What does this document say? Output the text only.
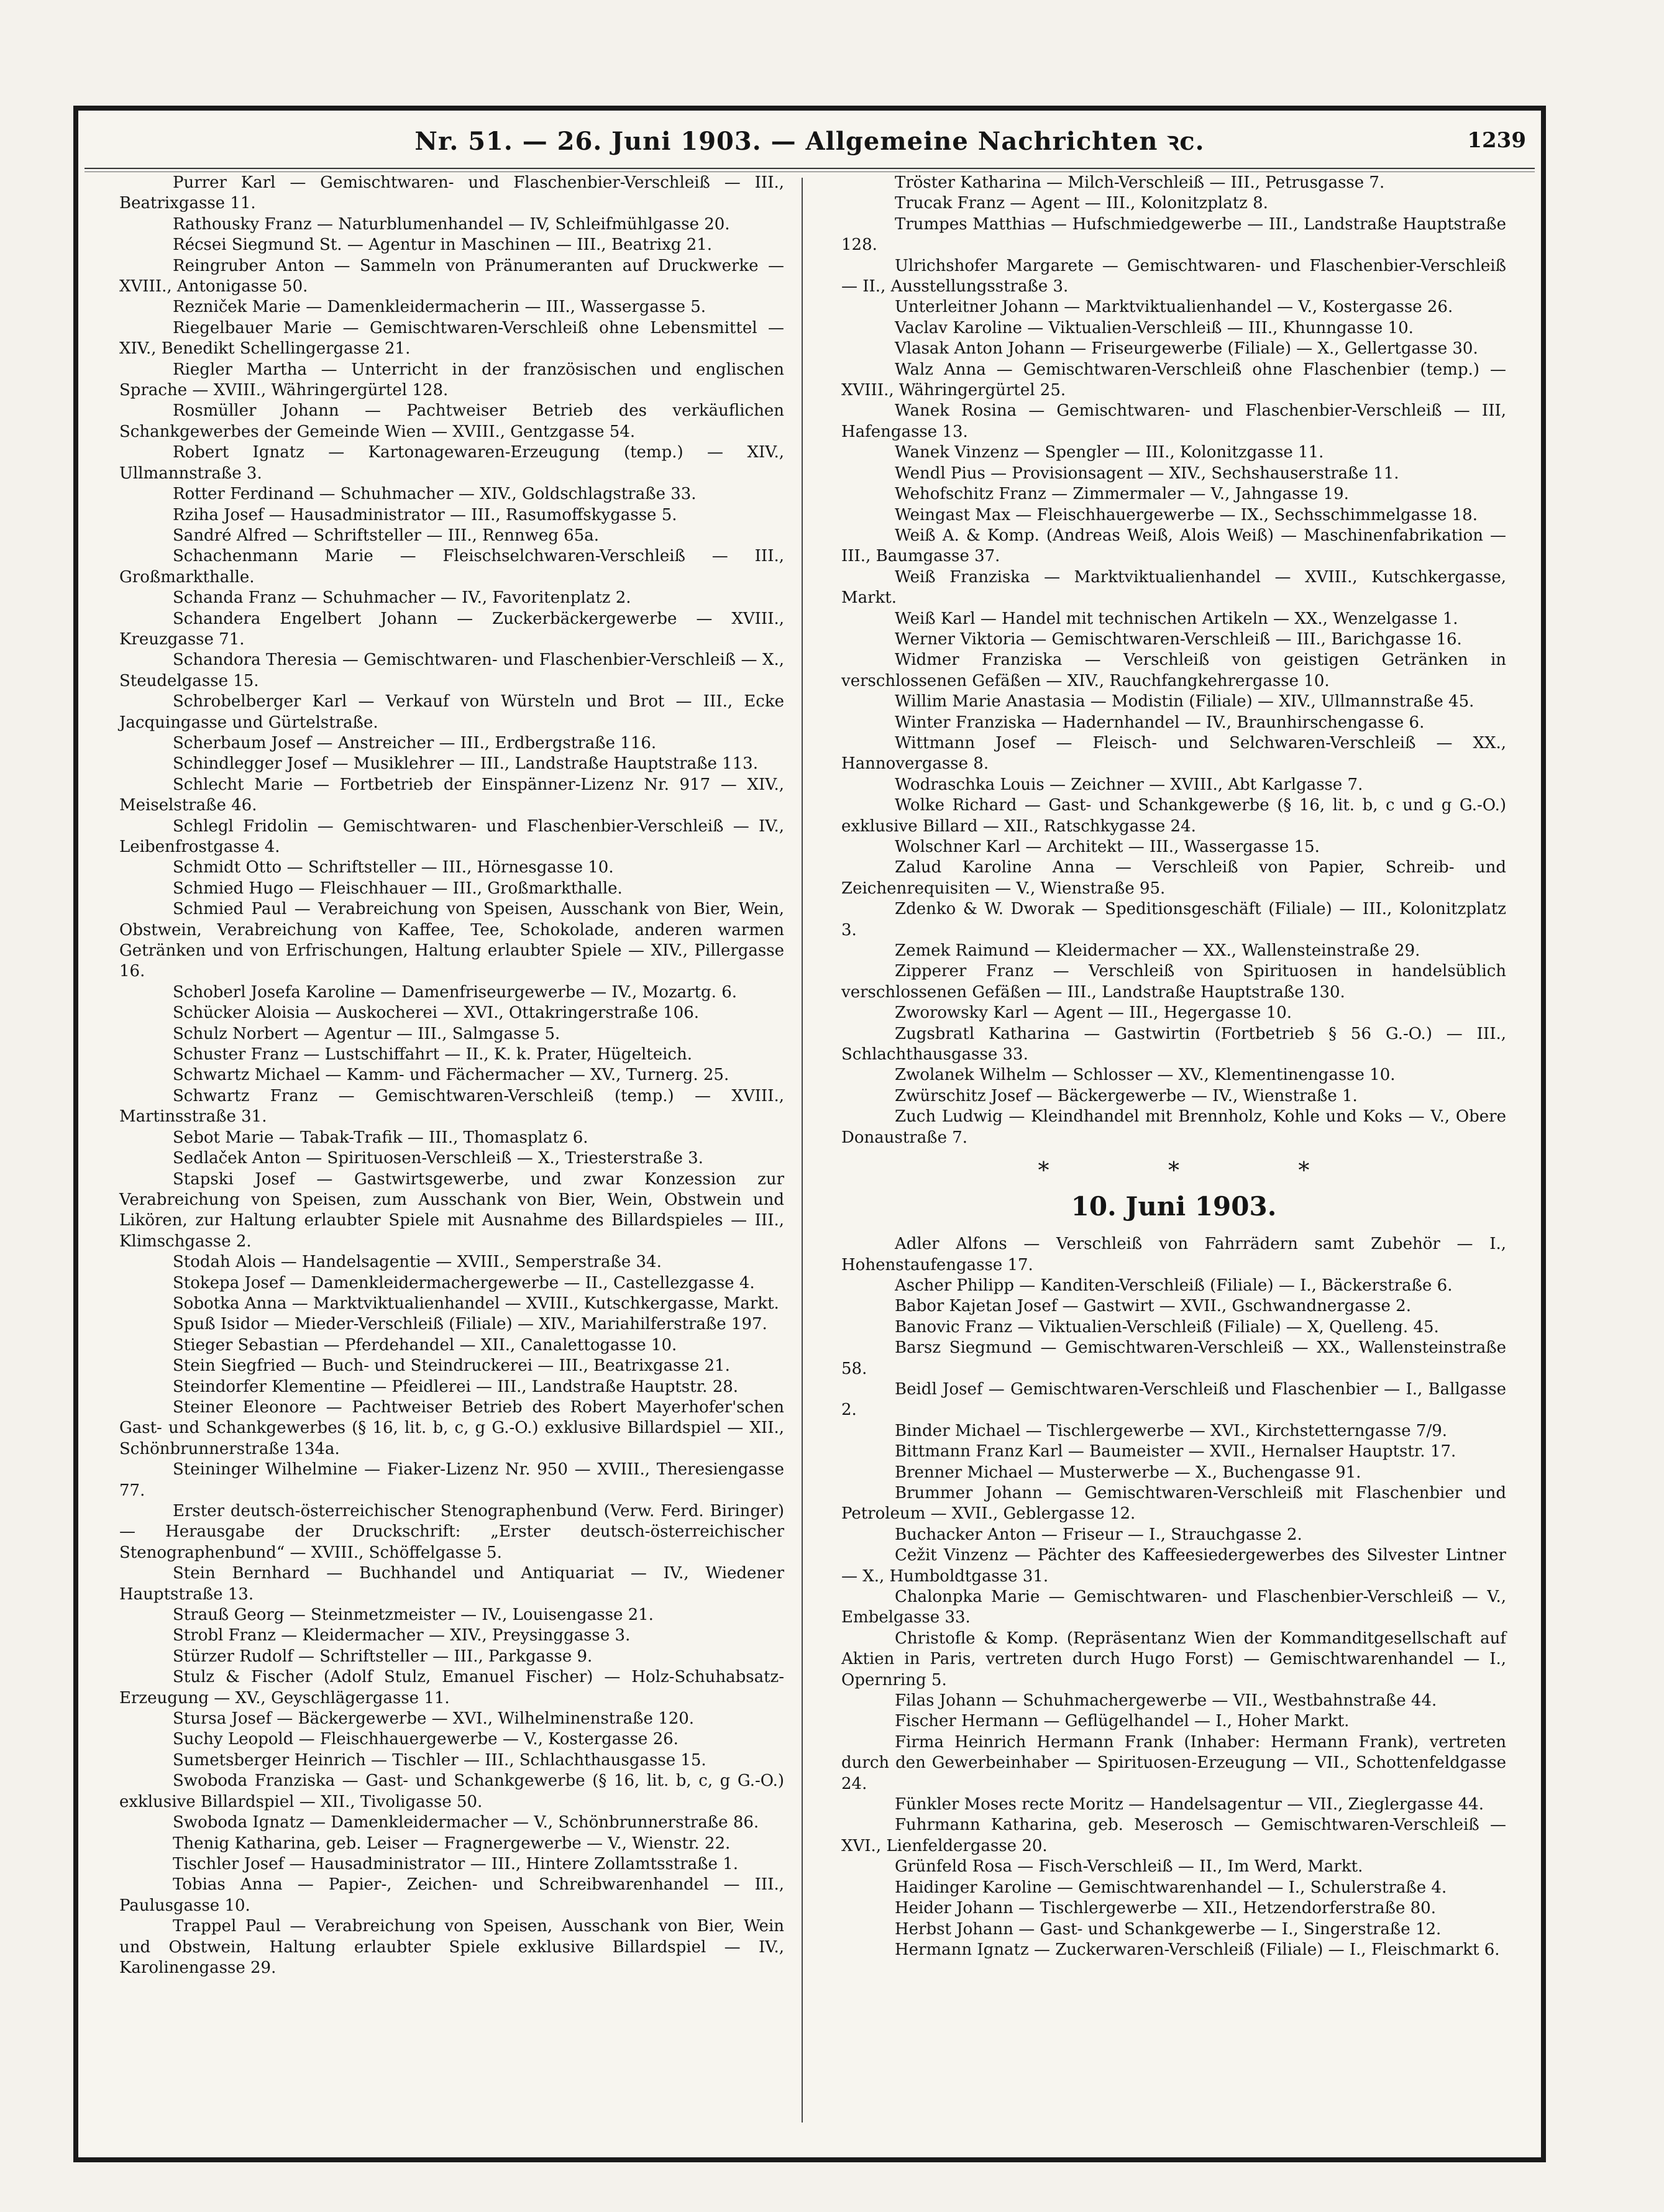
Nr. 51. — 26. Juni 1903. — Allgemeine Nachrichten ꝛc.	1239

Purrer Karl — Gemischtwaren- und Flaschenbier-Verschleiß — III., Beatrixgasse 11.

Rathousky Franz — Naturblumenhandel — IV, Schleifmühlgasse 20.

Récsei Siegmund St. — Agentur in Maschinen — III., Beatrixg 21.

Reingruber Anton — Sammeln von Pränumeranten auf Druckwerke — XVIII., Antonigasse 50.

Rezniček Marie — Damenkleidermacherin — III., Wassergasse 5.

Riegelbauer Marie — Gemischtwaren-Verschleiß ohne Lebensmittel — XIV., Benedikt Schellingergasse 21.

Riegler Martha — Unterricht in der französischen und englischen Sprache — XVIII., Währingergürtel 128.

Rosmüller Johann — Pachtweiser Betrieb des verkäuflichen Schankgewerbes der Gemeinde Wien — XVIII., Gentzgasse 54.

Robert Ignatz — Kartonagewaren-Erzeugung (temp.) — XIV., Ullmannstraße 3.

Rotter Ferdinand — Schuhmacher — XIV., Goldschlagstraße 33.

Rziha Josef — Hausadministrator — III., Rasumoffskygasse 5.

Sandré Alfred — Schriftsteller — III., Rennweg 65a.

Schachenmann Marie — Fleischselchwaren-Verschleiß — III., Großmarkthalle.

Schanda Franz — Schuhmacher — IV., Favoritenplatz 2.

Schandera Engelbert Johann — Zuckerbäckergewerbe — XVIII., Kreuzgasse 71.

Schandora Theresia — Gemischtwaren- und Flaschenbier-Verschleiß — X., Steudelgasse 15.

Schrobelberger Karl — Verkauf von Würsteln und Brot — III., Ecke Jacquingasse und Gürtelstraße.

Scherbaum Josef — Anstreicher — III., Erdbergstraße 116.

Schindlegger Josef — Musiklehrer — III., Landstraße Hauptstraße 113.

Schlecht Marie — Fortbetrieb der Einspänner-Lizenz Nr. 917 — XIV., Meiselstraße 46.

Schlegl Fridolin — Gemischtwaren- und Flaschenbier-Verschleiß — IV., Leibenfrostgasse 4.

Schmidt Otto — Schriftsteller — III., Hörnesgasse 10.

Schmied Hugo — Fleischhauer — III., Großmarkthalle.

Schmied Paul — Verabreichung von Speisen, Ausschank von Bier, Wein, Obstwein, Verabreichung von Kaffee, Tee, Schokolade, anderen warmen Getränken und von Erfrischungen, Haltung erlaubter Spiele — XIV., Pillergasse 16.

Schoberl Josefa Karoline — Damenfriseurgewerbe — IV., Mozartg. 6.

Schücker Aloisia — Auskocherei — XVI., Ottakringerstraße 106.

Schulz Norbert — Agentur — III., Salmgasse 5.

Schuster Franz — Lustschiffahrt — II., K. k. Prater, Hügelteich.

Schwartz Michael — Kamm- und Fächermacher — XV., Turnerg. 25.

Schwartz Franz — Gemischtwaren-Verschleiß (temp.) — XVIII., Martinsstraße 31.

Sebot Marie — Tabak-Trafik — III., Thomasplatz 6.

Sedlaček Anton — Spirituosen-Verschleiß — X., Triesterstraße 3.

Stapski Josef — Gastwirtsgewerbe, und zwar Konzession zur Verabreichung von Speisen, zum Ausschank von Bier, Wein, Obstwein und Likören, zur Haltung erlaubter Spiele mit Ausnahme des Billardspieles — III., Klimschgasse 2.

Stodah Alois — Handelsagentie — XVIII., Semperstraße 34.

Stokepa Josef — Damenkleidermachergewerbe — II., Castellezgasse 4.

Sobotka Anna — Marktviktualienhandel — XVIII., Kutschkergasse, Markt.

Spuß Isidor — Mieder-Verschleiß (Filiale) — XIV., Mariahilferstraße 197.

Stieger Sebastian — Pferdehandel — XII., Canalettogasse 10.

Stein Siegfried — Buch- und Steindruckerei — III., Beatrixgasse 21.

Steindorfer Klementine — Pfeidlerei — III., Landstraße Hauptstr. 28.

Steiner Eleonore — Pachtweiser Betrieb des Robert Mayerhofer'schen Gast- und Schankgewerbes (§ 16, lit. b, c, g G.-O.) exklusive Billardspiel — XII., Schönbrunnerstraße 134a.

Steininger Wilhelmine — Fiaker-Lizenz Nr. 950 — XVIII., Theresiengasse 77.

Erster deutsch-österreichischer Stenographenbund (Verw. Ferd. Biringer) — Herausgabe der Druckschrift: „Erster deutsch-österreichischer Stenographenbund“ — XVIII., Schöffelgasse 5.

Stein Bernhard — Buchhandel und Antiquariat — IV., Wiedener Hauptstraße 13.

Strauß Georg — Steinmetzmeister — IV., Louisengasse 21.

Strobl Franz — Kleidermacher — XIV., Preysinggasse 3.

Stürzer Rudolf — Schriftsteller — III., Parkgasse 9.

Stulz & Fischer (Adolf Stulz, Emanuel Fischer) — Holz-Schuhabsatz-Erzeugung — XV., Geyschlägergasse 11.

Stursa Josef — Bäckergewerbe — XVI., Wilhelminenstraße 120.

Suchy Leopold — Fleischhauergewerbe — V., Kostergasse 26.

Sumetsberger Heinrich — Tischler — III., Schlachthausgasse 15.

Swoboda Franziska — Gast- und Schankgewerbe (§ 16, lit. b, c, g G.-O.) exklusive Billardspiel — XII., Tivoligasse 50.

Swoboda Ignatz — Damenkleidermacher — V., Schönbrunnerstraße 86.

Thenig Katharina, geb. Leiser — Fragnergewerbe — V., Wienstr. 22.

Tischler Josef — Hausadministrator — III., Hintere Zollamtsstraße 1.

Tobias Anna — Papier-, Zeichen- und Schreibwarenhandel — III., Paulusgasse 10.

Trappel Paul — Verabreichung von Speisen, Ausschank von Bier, Wein und Obstwein, Haltung erlaubter Spiele exklusive Billardspiel — IV., Karolinengasse 29.

Tröster Katharina — Milch-Verschleiß — III., Petrusgasse 7.

Trucak Franz — Agent — III., Kolonitzplatz 8.

Trumpes Matthias — Hufschmiedgewerbe — III., Landstraße Hauptstraße 128.

Ulrichshofer Margarete — Gemischtwaren- und Flaschenbier-Verschleiß — II., Ausstellungsstraße 3.

Unterleitner Johann — Marktviktualienhandel — V., Kostergasse 26.

Vaclav Karoline — Viktualien-Verschleiß — III., Khunngasse 10.

Vlasak Anton Johann — Friseurgewerbe (Filiale) — X., Gellertgasse 30.

Walz Anna — Gemischtwaren-Verschleiß ohne Flaschenbier (temp.) — XVIII., Währingergürtel 25.

Wanek Rosina — Gemischtwaren- und Flaschenbier-Verschleiß — III, Hafengasse 13.

Wanek Vinzenz — Spengler — III., Kolonitzgasse 11.

Wendl Pius — Provisionsagent — XIV., Sechshauserstraße 11.

Wehofschitz Franz — Zimmermaler — V., Jahngasse 19.

Weingast Max — Fleischhauergewerbe — IX., Sechsschimmelgasse 18.

Weiß A. & Komp. (Andreas Weiß, Alois Weiß) — Maschinenfabrikation — III., Baumgasse 37.

Weiß Franziska — Marktviktualienhandel — XVIII., Kutschkergasse, Markt.

Weiß Karl — Handel mit technischen Artikeln — XX., Wenzelgasse 1.

Werner Viktoria — Gemischtwaren-Verschleiß — III., Barichgasse 16.

Widmer Franziska — Verschleiß von geistigen Getränken in verschlossenen Gefäßen — XIV., Rauchfangkehrergasse 10.

Willim Marie Anastasia — Modistin (Filiale) — XIV., Ullmannstraße 45.

Winter Franziska — Hadernhandel — IV., Braunhirschengasse 6.

Wittmann Josef — Fleisch- und Selchwaren-Verschleiß — XX., Hannovergasse 8.

Wodraschka Louis — Zeichner — XVIII., Abt Karlgasse 7.

Wolke Richard — Gast- und Schankgewerbe (§ 16, lit. b, c und g G.-O.) exklusive Billard — XII., Ratschkygasse 24.

Wolschner Karl — Architekt — III., Wassergasse 15.

Zalud Karoline Anna — Verschleiß von Papier, Schreib- und Zeichenrequisiten — V., Wienstraße 95.

Zdenko & W. Dworak — Speditionsgeschäft (Filiale) — III., Kolonitzplatz 3.

Zemek Raimund — Kleidermacher — XX., Wallensteinstraße 29.

Zipperer Franz — Verschleiß von Spirituosen in handelsüblich verschlossenen Gefäßen — III., Landstraße Hauptstraße 130.

Zworowsky Karl — Agent — III., Hegergasse 10.

Zugsbratl Katharina — Gastwirtin (Fortbetrieb § 56 G.-O.) — III., Schlachthausgasse 33.

Zwolanek Wilhelm — Schlosser — XV., Klementinengasse 10.

Zwürschitz Josef — Bäckergewerbe — IV., Wienstraße 1.

Zuch Ludwig — Kleindhandel mit Brennholz, Kohle und Koks — V., Obere Donaustraße 7.

* * *
10. Juni 1903.

Adler Alfons — Verschleiß von Fahrrädern samt Zubehör — I., Hohenstaufengasse 17.

Ascher Philipp — Kanditen-Verschleiß (Filiale) — I., Bäckerstraße 6.

Babor Kajetan Josef — Gastwirt — XVII., Gschwandnergasse 2.

Banovic Franz — Viktualien-Verschleiß (Filiale) — X, Quelleng. 45.

Barsz Siegmund — Gemischtwaren-Verschleiß — XX., Wallensteinstraße 58.

Beidl Josef — Gemischtwaren-Verschleiß und Flaschenbier — I., Ballgasse 2.

Binder Michael — Tischlergewerbe — XVI., Kirchstetterngasse 7/9.

Bittmann Franz Karl — Baumeister — XVII., Hernalser Hauptstr. 17.

Brenner Michael — Musterwerbe — X., Buchengasse 91.

Brummer Johann — Gemischtwaren-Verschleiß mit Flaschenbier und Petroleum — XVII., Geblergasse 12.

Buchacker Anton — Friseur — I., Strauchgasse 2.

Cežit Vinzenz — Pächter des Kaffeesiedergewerbes des Silvester Lintner — X., Humboldtgasse 31.

Chalonpka Marie — Gemischtwaren- und Flaschenbier-Verschleiß — V., Embelgasse 33.

Christofle & Komp. (Repräsentanz Wien der Kommanditgesellschaft auf Aktien in Paris, vertreten durch Hugo Forst) — Gemischtwarenhandel — I., Opernring 5.

Filas Johann — Schuhmachergewerbe — VII., Westbahnstraße 44.

Fischer Hermann — Geflügelhandel — I., Hoher Markt.

Firma Heinrich Hermann Frank (Inhaber: Hermann Frank), vertreten durch den Gewerbeinhaber — Spirituosen-Erzeugung — VII., Schottenfeldgasse 24.

Fünkler Moses recte Moritz — Handelsagentur — VII., Zieglergasse 44.

Fuhrmann Katharina, geb. Meserosch — Gemischtwaren-Verschleiß — XVI., Lienfeldergasse 20.

Grünfeld Rosa — Fisch-Verschleiß — II., Im Werd, Markt.

Haidinger Karoline — Gemischtwarenhandel — I., Schulerstraße 4.

Heider Johann — Tischlergewerbe — XII., Hetzendorferstraße 80.

Herbst Johann — Gast- und Schankgewerbe — I., Singerstraße 12.

Hermann Ignatz — Zuckerwaren-Verschleiß (Filiale) — I., Fleischmarkt 6.
